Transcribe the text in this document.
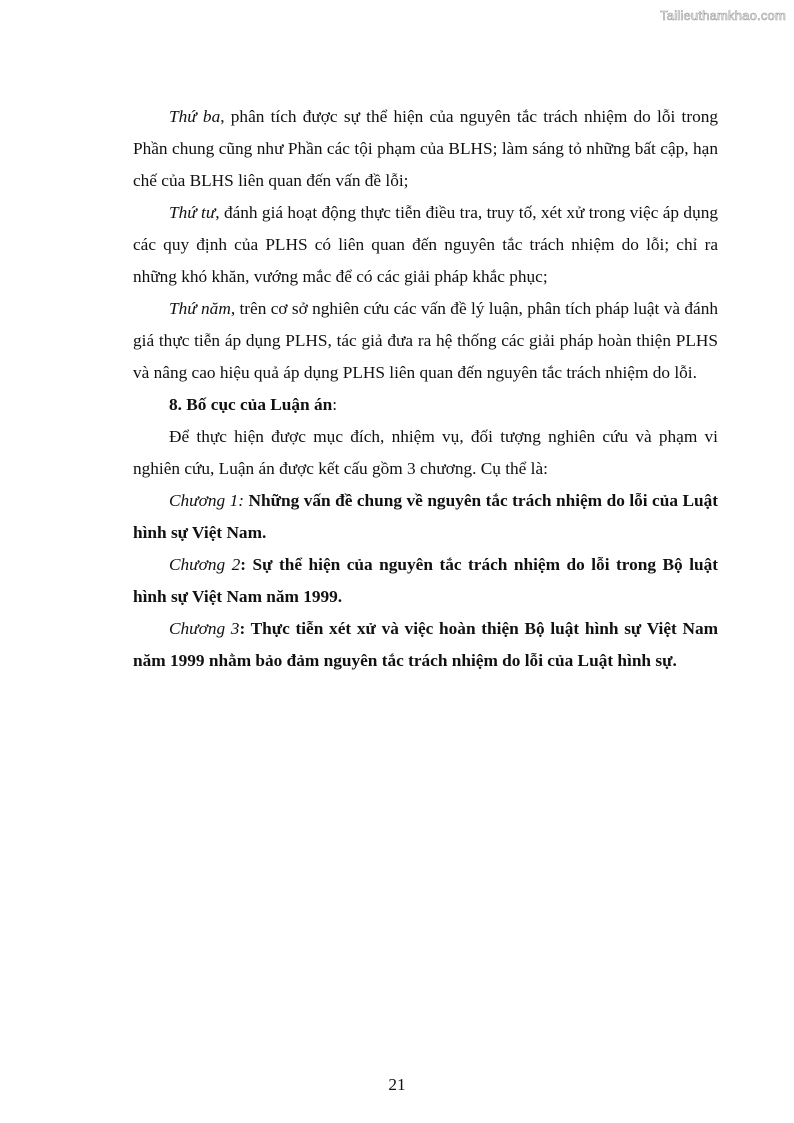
Tailieuthamkhao.com

Thứ ba, phân tích được sự thể hiện của nguyên tắc trách nhiệm do lỗi trong Phần chung cũng như Phần các tội phạm của BLHS; làm sáng tỏ những bất cập, hạn chế của BLHS liên quan đến vấn đề lỗi;

Thứ tư, đánh giá hoạt động thực tiễn điều tra, truy tố, xét xử trong việc áp dụng các quy định của PLHS có liên quan đến nguyên tắc trách nhiệm do lỗi; chỉ ra những khó khăn, vướng mắc để có các giải pháp khắc phục;

Thứ năm, trên cơ sở nghiên cứu các vấn đề lý luận, phân tích pháp luật và đánh giá thực tiễn áp dụng PLHS, tác giả đưa ra hệ thống các giải pháp hoàn thiện PLHS và nâng cao hiệu quả áp dụng PLHS liên quan đến nguyên tắc trách nhiệm do lỗi.

8. Bố cục của Luận án:

Để thực hiện được mục đích, nhiệm vụ, đối tượng nghiên cứu và phạm vi nghiên cứu, Luận án được kết cấu gồm 3 chương. Cụ thể là:

Chương 1: Những vấn đề chung về nguyên tắc trách nhiệm do lỗi của Luật hình sự Việt Nam.

Chương 2: Sự thể hiện của nguyên tắc trách nhiệm do lỗi trong Bộ luật hình sự Việt Nam năm 1999.

Chương 3: Thực tiễn xét xử và việc hoàn thiện Bộ luật hình sự Việt Nam năm 1999 nhằm bảo đảm nguyên tắc trách nhiệm do lỗi của Luật hình sự.

21
